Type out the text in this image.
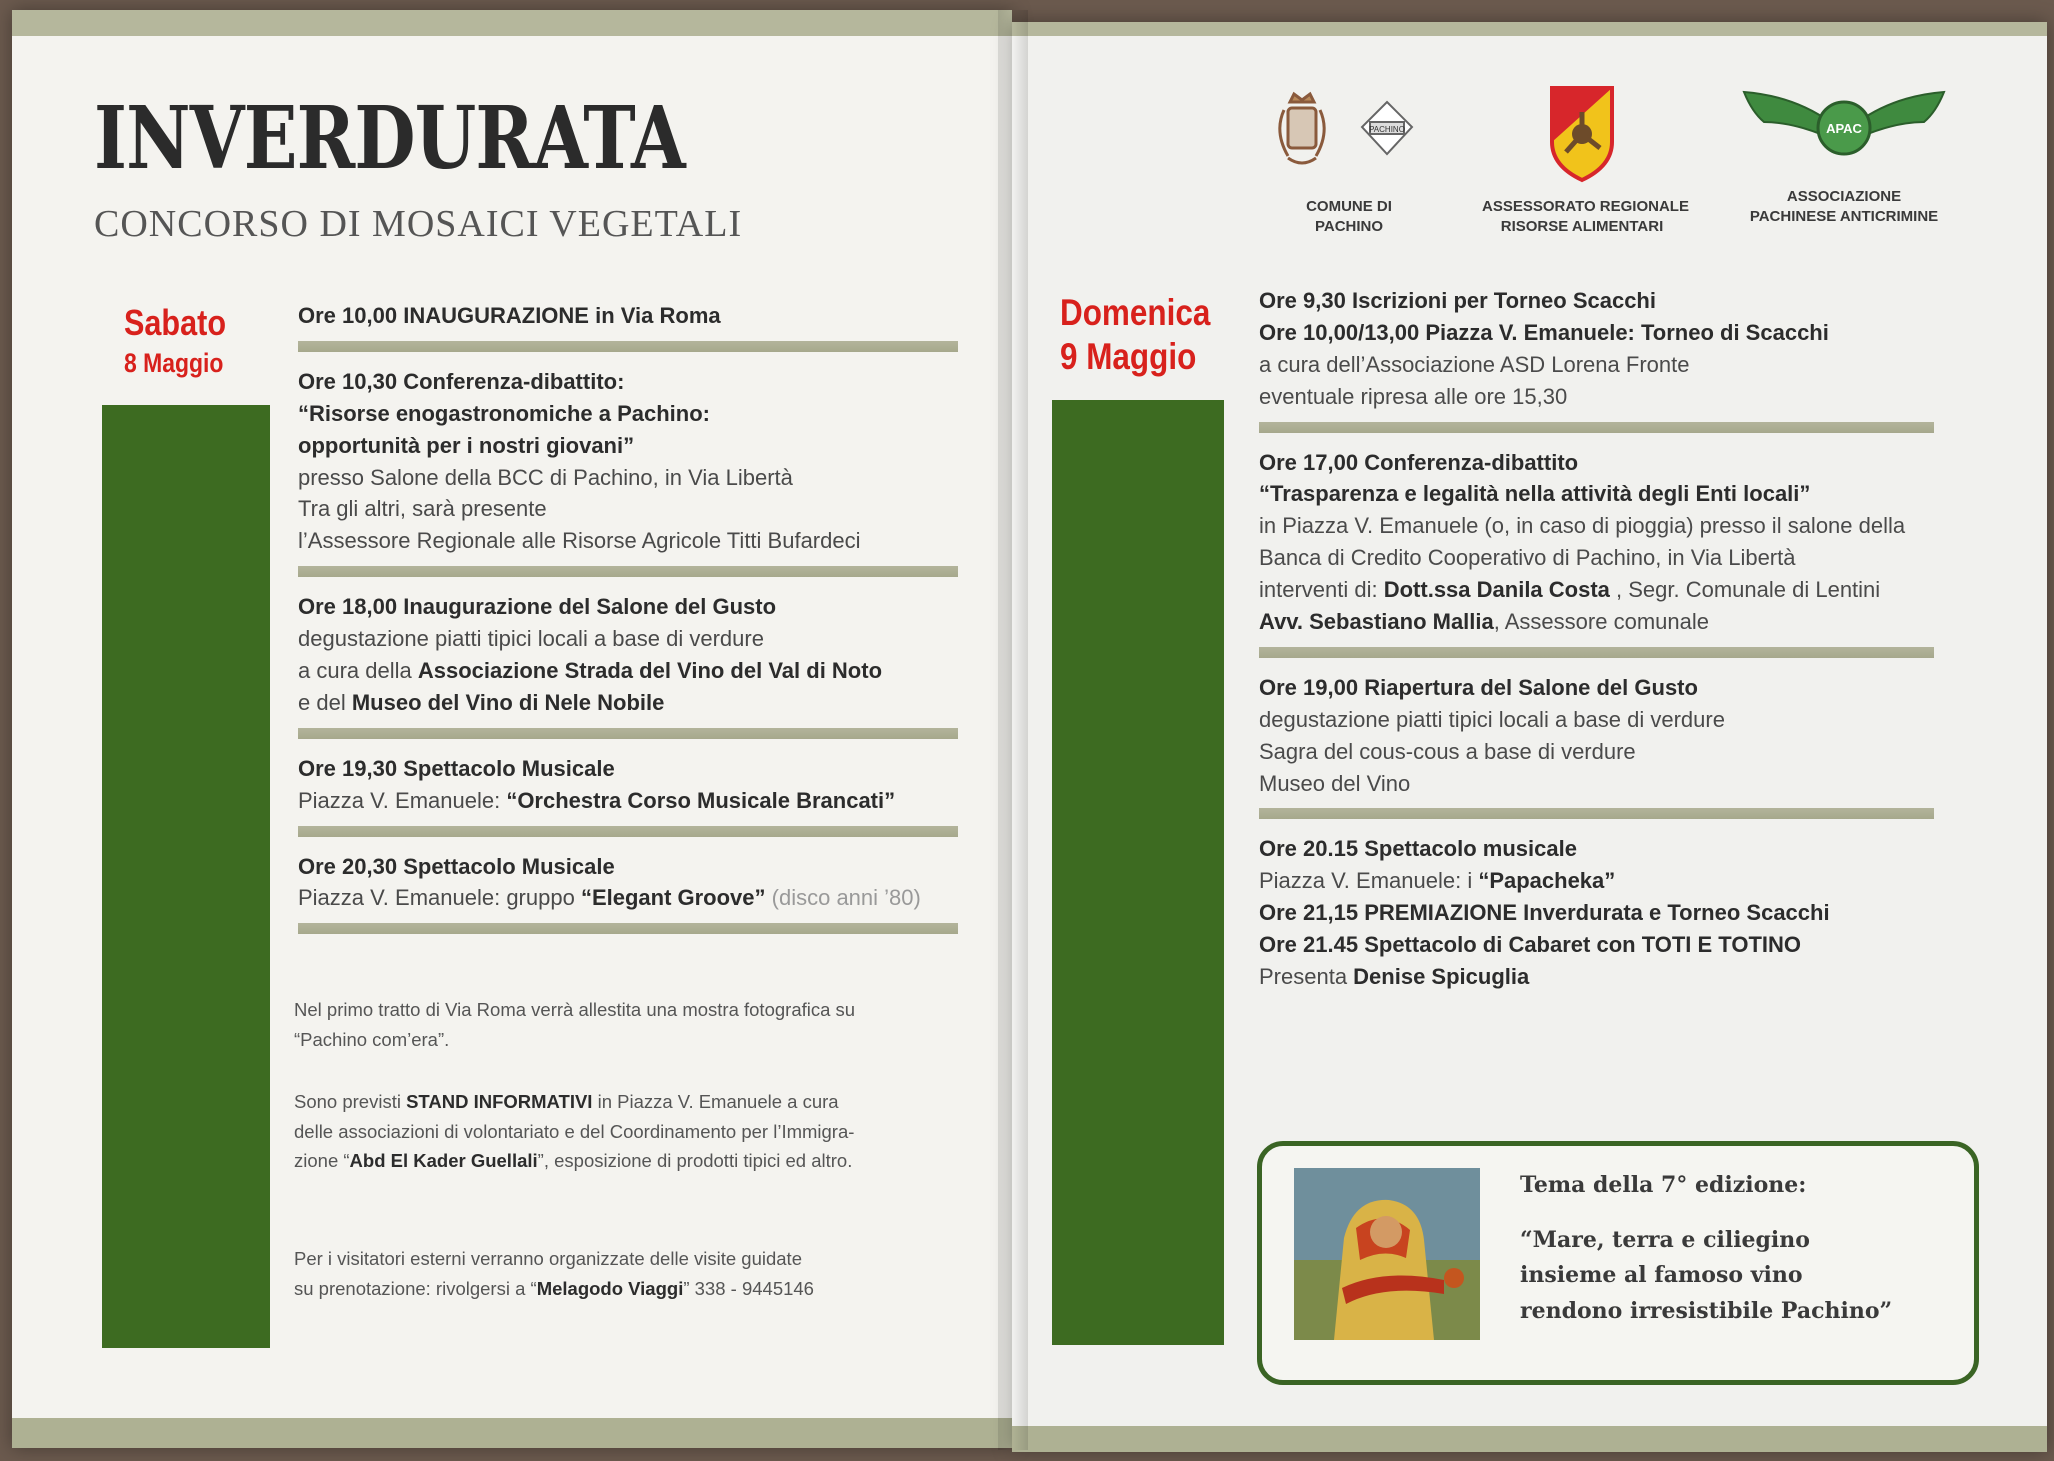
INVERDURATA
CONCORSO DI MOSAICI VEGETALI
Sabato
8 Maggio
Ore 10,00 INAUGURAZIONE in Via Roma
Ore 10,30 Conferenza-dibattito:
“Risorse enogastronomiche a Pachino:
opportunità per i nostri giovani”
presso Salone della BCC di Pachino, in Via Libertà
Tra gli altri, sarà presente
l’Assessore Regionale alle Risorse Agricole Titti Bufardeci
Ore 18,00 Inaugurazione del Salone del Gusto
degustazione piatti tipici locali a base di verdure
a cura della Associazione Strada del Vino del Val di Noto
e del Museo del Vino di Nele Nobile
Ore 19,30 Spettacolo Musicale
Piazza V. Emanuele: “Orchestra Corso Musicale Brancati”
Ore 20,30 Spettacolo Musicale
Piazza V. Emanuele: gruppo “Elegant Groove” (disco anni ’80)
Nel primo tratto di Via Roma verrà allestita una mostra fotografica su
“Pachino com’era”.
Sono previsti STAND INFORMATIVI in Piazza V. Emanuele a cura
delle associazioni di volontariato e del Coordinamento per l’Immigra-
zione “Abd El Kader Guellali”, esposizione di prodotti tipici ed altro.
Per i visitatori esterni verranno organizzate delle visite guidate
su prenotazione: rivolgersi a “Melagodo Viaggi” 338 - 9445146
PACHINO
COMUNE DI
PACHINO
ASSESSORATO REGIONALE
RISORSE ALIMENTARI
APAC
ASSOCIAZIONE
PACHINESE ANTICRIMINE
Domenica
9 Maggio
Ore 9,30 Iscrizioni per Torneo Scacchi
Ore 10,00/13,00 Piazza V. Emanuele: Torneo di Scacchi
a cura dell’Associazione ASD Lorena Fronte
eventuale ripresa alle ore 15,30
Ore 17,00 Conferenza-dibattito
“Trasparenza e legalità nella attività degli Enti locali”
in Piazza V. Emanuele (o, in caso di pioggia) presso il salone della
Banca di Credito Cooperativo di Pachino, in Via Libertà
interventi di: Dott.ssa Danila Costa , Segr. Comunale di Lentini
Avv. Sebastiano Mallia, Assessore comunale
Ore 19,00 Riapertura del Salone del Gusto
degustazione piatti tipici locali a base di verdure
Sagra del cous-cous a base di verdure
Museo del Vino
Ore 20.15 Spettacolo musicale
Piazza V. Emanuele: i “Papacheka”
Ore 21,15 PREMIAZIONE Inverdurata e Torneo Scacchi
Ore 21.45 Spettacolo di Cabaret con TOTI E TOTINO
Presenta Denise Spicuglia
Tema della 7° edizione:
“Mare, terra e ciliegino
insieme al famoso vino
rendono irresistibile Pachino”
